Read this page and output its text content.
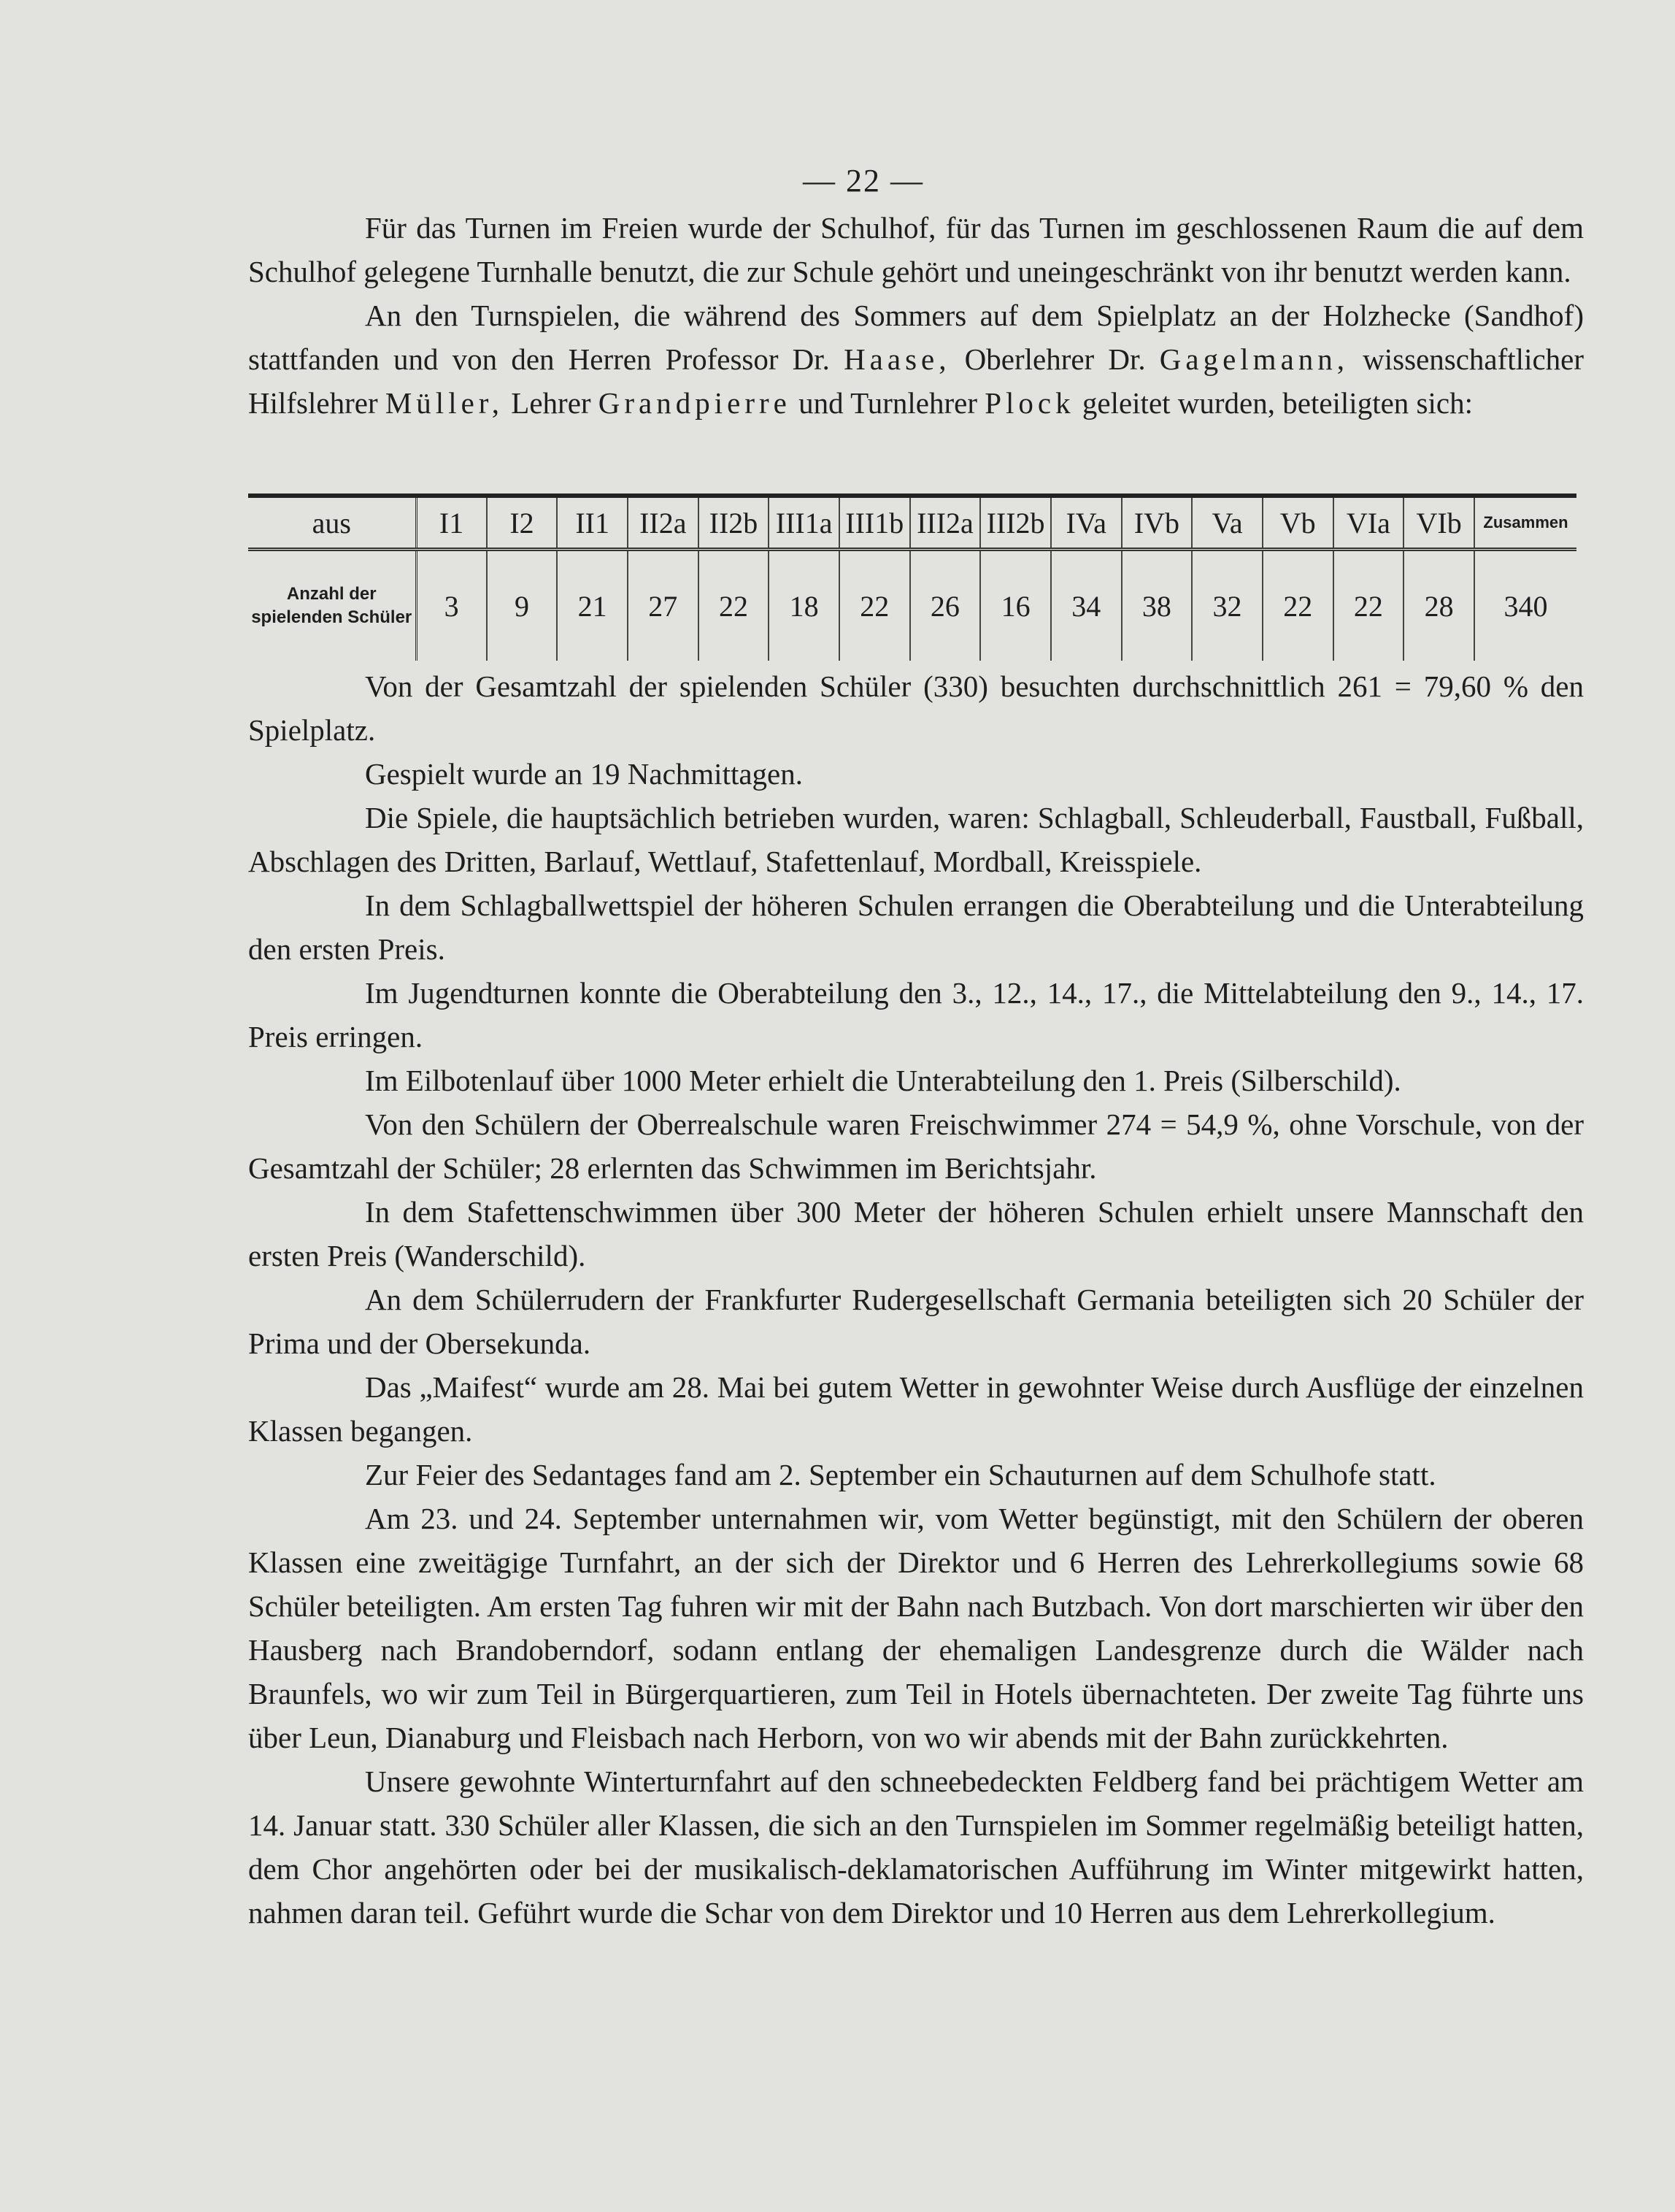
— 22 —

Für das Turnen im Freien wurde der Schulhof, für das Turnen im geschlossenen Raum die auf dem Schulhof gelegene Turnhalle benutzt, die zur Schule gehört und uneingeschränkt von ihr benutzt werden kann.

An den Turnspielen, die während des Sommers auf dem Spielplatz an der Holzhecke (Sandhof) stattfanden und von den Herren Professor Dr. Haase, Oberlehrer Dr. Gagelmann, wissenschaftlicher Hilfslehrer Müller, Lehrer Grandpierre und Turnlehrer Plock geleitet wurden, beteiligten sich:

aus	I1	I2	II1	II2a	II2b	III1a	III1b	III2a	III2b	IVa	IVb	Va	Vb	VIa	VIb	Zusammen
Anzahl der spielenden Schüler	3	9	21	27	22	18	22	26	16	34	38	32	22	22	28	340

Von der Gesamtzahl der spielenden Schüler (330) besuchten durchschnittlich 261 = 79,60 % den Spielplatz.

Gespielt wurde an 19 Nachmittagen.

Die Spiele, die hauptsächlich betrieben wurden, waren: Schlagball, Schleuderball, Faustball, Fußball, Abschlagen des Dritten, Barlauf, Wettlauf, Stafettenlauf, Mordball, Kreisspiele.

In dem Schlagballwettspiel der höheren Schulen errangen die Oberabteilung und die Unterabteilung den ersten Preis.

Im Jugendturnen konnte die Oberabteilung den 3., 12., 14., 17., die Mittelabteilung den 9., 14., 17. Preis erringen.

Im Eilbotenlauf über 1000 Meter erhielt die Unterabteilung den 1. Preis (Silberschild).

Von den Schülern der Oberrealschule waren Freischwimmer 274 = 54,9 %, ohne Vorschule, von der Gesamtzahl der Schüler; 28 erlernten das Schwimmen im Berichtsjahr.

In dem Stafettenschwimmen über 300 Meter der höheren Schulen erhielt unsere Mannschaft den ersten Preis (Wanderschild).

An dem Schülerrudern der Frankfurter Rudergesellschaft Germania beteiligten sich 20 Schüler der Prima und der Obersekunda.

Das „Maifest“ wurde am 28. Mai bei gutem Wetter in gewohnter Weise durch Ausflüge der einzelnen Klassen begangen.

Zur Feier des Sedantages fand am 2. September ein Schauturnen auf dem Schulhofe statt.

Am 23. und 24. September unternahmen wir, vom Wetter begünstigt, mit den Schülern der oberen Klassen eine zweitägige Turnfahrt, an der sich der Direktor und 6 Herren des Lehrerkollegiums sowie 68 Schüler beteiligten. Am ersten Tag fuhren wir mit der Bahn nach Butzbach. Von dort marschierten wir über den Hausberg nach Brandoberndorf, sodann entlang der ehemaligen Landesgrenze durch die Wälder nach Braunfels, wo wir zum Teil in Bürgerquartieren, zum Teil in Hotels übernachteten. Der zweite Tag führte uns über Leun, Dianaburg und Fleisbach nach Herborn, von wo wir abends mit der Bahn zurückkehrten.

Unsere gewohnte Winterturnfahrt auf den schneebedeckten Feldberg fand bei prächtigem Wetter am 14. Januar statt. 330 Schüler aller Klassen, die sich an den Turnspielen im Sommer regelmäßig beteiligt hatten, dem Chor angehörten oder bei der musikalisch-deklamatorischen Aufführung im Winter mitgewirkt hatten, nahmen daran teil. Geführt wurde die Schar von dem Direktor und 10 Herren aus dem Lehrerkollegium.
